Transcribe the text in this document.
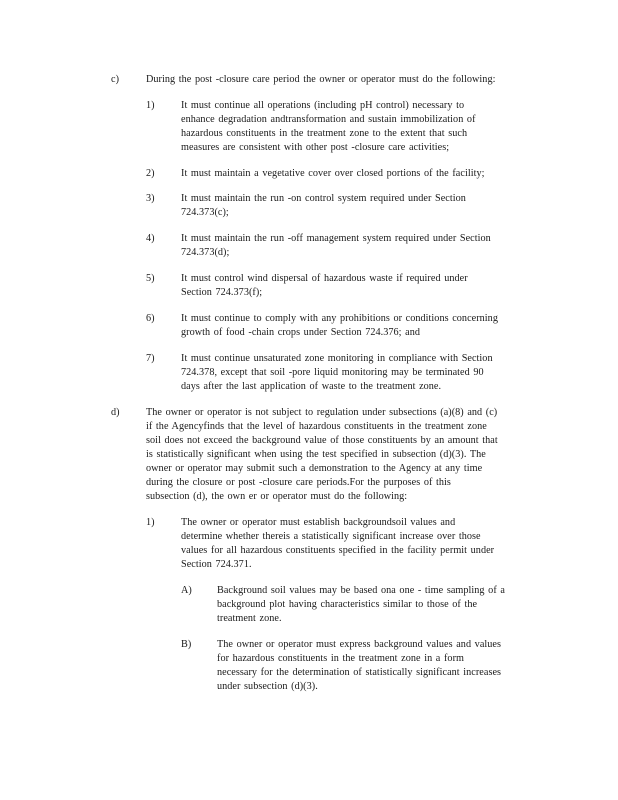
c)	During the post -closure care period the owner or operator must do the following:
1)	It must continue all operations (including pH control) necessary to
enhance degradation andtransformation and sustain immobilization of
hazardous constituents in the treatment zone to the extent that such
measures are consistent with other post -closure care activities;
2)	It must maintain a vegetative cover over closed portions of the facility;
3)	It must maintain the run -on control system required under Section
724.373(c);
4)	It must maintain the run -off management system required under Section
724.373(d);
5)	It must control wind dispersal of hazardous waste if required under
Section 724.373(f);
6)	It must continue to comply with any prohibitions or conditions concerning
growth of food -chain crops under Section 724.376; and
7)	It must continue unsaturated zone monitoring in compliance with Section
724.378, except that soil -pore liquid monitoring may be terminated 90
days after the last application of waste to the treatment zone.
d)	The owner or operator is not subject to regulation under subsections (a)(8) and (c)
if the Agencyfinds that the level of hazardous constituents in the treatment zone
soil does not exceed the background value of those constituents by an amount that
is statistically significant when using the test specified in subsection (d)(3). The
owner or operator may submit such a demonstration to the Agency at any time
during the closure or post -closure care periods.For the purposes of this
subsection (d), the own er or operator must do the following:
1)	The owner or operator must establish backgroundsoil values and
determine whether thereis a statistically significant increase over those
values for all hazardous constituents specified in the facility permit under
Section 724.371.
A) Background soil values may be based ona one - time sampling of a
background plot having characteristics similar to those of the
treatment zone.
B)	The owner or operator must express background values and values
for hazardous constituents in the treatment zone in a form
necessary for the determination of statistically significant increases
under subsection (d)(3).
